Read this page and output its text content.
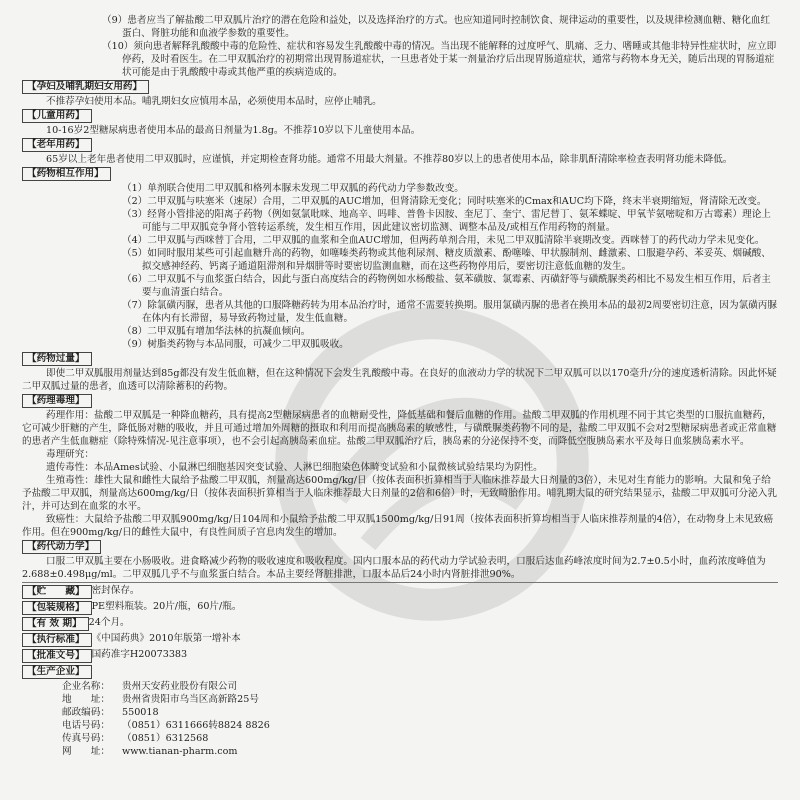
（9）患者应当了解盐酸二甲双胍片治疗的潜在危险和益处，以及选择治疗的方式。也应知道同时控制饮食、规律运动的重要性，以及规律检测血糖、糖化血红蛋白、肾脏功能和血液学参数的重要性。

（10）须向患者解释乳酸酸中毒的危险性、症状和容易发生乳酸酸中毒的情况。当出现不能解释的过度呼气、肌痛、乏力、嗜睡或其他非特异性症状时，应立即停药，及时看医生。在二甲双胍治疗的初期常出现胃肠道症状，一旦患者处于某一剂量治疗后出现胃肠道症状，通常与药物本身无关，随后出现的胃肠道症状可能是由于乳酸酸中毒或其他严重的疾病造成的。

【 孕妇及哺乳期妇女用药 】

不推荐孕妇使用本品。哺乳期妇女应慎用本品，必须使用本品时，应停止哺乳。

【 儿童用药 】

10-16岁2型糖尿病患者使用本品的最高日剂量为1.8g。不推荐10岁以下儿童使用本品。

【 老年用药 】

65岁以上老年患者使用二甲双胍时，应谨慎，并定期检查肾功能。通常不用最大剂量。不推荐80岁以上的患者使用本品，除非肌酐清除率检查表明肾功能未降低。

【 药物相互作用 】

（1）单剂联合使用二甲双胍和格列本脲未发现二甲双胍的药代动力学参数改变。

（2）二甲双胍与呋塞米（速尿）合用，二甲双胍的AUC增加，但肾清除无变化；同时呋塞米的Cmax和AUC均下降，终末半衰期缩短，肾清除无改变。

（3）经肾小管排泌的阳离子药物（例如氨氯吡咪、地高辛、吗啡、普鲁卡因胺、奎尼丁、奎宁、雷尼替丁、氨苯蝶啶、甲氧苄氨嘧啶和万古霉素）理论上可能与二甲双胍竞争肾小管转运系统，发生相互作用，因此建议密切监测、调整本品及/或相互作用药物的剂量。

（4）二甲双胍与西咪替丁合用，二甲双胍的血浆和全血AUC增加，但两药单剂合用，未见二甲双胍清除半衰期改变。西咪替丁的药代动力学未见变化。

（5）如同时服用某些可引起血糖升高的药物，如噻嗪类药物或其他利尿剂、糖皮质激素、酚噻嗪、甲状腺制剂、雌激素、口服避孕药、苯妥英、烟碱酸、拟交感神经药、钙离子通道阻滞剂和异烟肼等时要密切监测血糖，而在这些药物停用后，要密切注意低血糖的发生。

（6）二甲双胍不与血浆蛋白结合，因此与蛋白高度结合的药物例如水杨酸盐、氨苯磺胺、氯霉素、丙磺舒等与磺酰脲类药相比不易发生相互作用，后者主要与血清蛋白结合。

（7）除氯磺丙脲，患者从其他的口服降糖药转为用本品治疗时，通常不需要转换期。服用氯磺丙脲的患者在换用本品的最初2周要密切注意，因为氯磺丙脲在体内有长滞留，易导致药物过量，发生低血糖。

（8）二甲双胍有增加华法林的抗凝血倾向。

（9）树脂类药物与本品同服，可减少二甲双胍吸收。

【 药物过量 】

即使二甲双胍服用剂量达到85g都没有发生低血糖，但在这种情况下会发生乳酸酸中毒。在良好的血液动力学的状况下二甲双胍可以以170毫升/分的速度透析清除。因此怀疑二甲双胍过量的患者，血透可以清除蓄积的药物。

【 药理毒理 】

药理作用：盐酸二甲双胍是一种降血糖药，具有提高2型糖尿病患者的血糖耐受性，降低基础和餐后血糖的作用。盐酸二甲双胍的作用机理不同于其它类型的口服抗血糖药，它可减少肝糖的产生，降低肠对糖的吸收，并且可通过增加外周糖的摄取和利用而提高胰岛素的敏感性，与磺酰脲类药物不同的是，盐酸二甲双胍不会对2型糖尿病患者或正常血糖的患者产生低血糖症（除特殊情况-见注意事项），也不会引起高胰岛素血症。盐酸二甲双胍治疗后，胰岛素的分泌保持不变，而降低空腹胰岛素水平及每日血浆胰岛素水平。

毒理研究：

遗传毒性：本品Ames试验、小鼠淋巴细胞基因突变试验、人淋巴细胞染色体畸变试验和小鼠微核试验结果均为阴性。

生殖毒性：雄性大鼠和雌性大鼠给予盐酸二甲双胍，剂量高达600mg/kg/日（按体表面积折算相当于人临床推荐最大日剂量的3倍），未见对生育能力的影响。大鼠和兔子给予盐酸二甲双胍，剂量高达600mg/kg/日（按体表面积折算相当于人临床推荐最大日剂量的2倍和6倍）时，无致畸胎作用。哺乳期大鼠的研究结果显示，盐酸二甲双胍可分泌入乳汁，并可达到在血浆的水平。

致癌性：大鼠给予盐酸二甲双胍900mg/kg/日104周和小鼠给予盐酸二甲双胍1500mg/kg/日91周（按体表面积折算均相当于人临床推荐剂量的4倍），在动物身上未见致癌作用。但在900mg/kg/日的雌性大鼠中，有良性间质子宫息肉发生的增加。

【 药代动力学 】

口服二甲双胍主要在小肠吸收。进食略减少药物的吸收速度和吸收程度。国内口服本品的药代动力学试验表明，口服后达血药峰浓度时间为2.7±0.5小时，血药浓度峰值为2.688±0.498μg/ml。二甲双胍几乎不与血浆蛋白结合。本品主要经肾脏排泄，口服本品后24小时内肾脏排泄90%。

【 贮　　藏 】	密封保存。
【 包装规格 】	PE塑料瓶装。20片/瓶，60片/瓶。
【 有 效 期 】	24个月。
【 执行标准 】	《中国药典》2010年版第一增补本
【 批准文号 】	国药准字H20073383
【 生产企业 】

企业名称： 贵州天安药业股份有限公司

地　　址： 贵州省贵阳市乌当区高新路25号

邮政编码： 550018

电话号码： （0851）6311666转8824 8826

传真号码： （0851）6312568

网　　址： www.tianan-pharm.com
